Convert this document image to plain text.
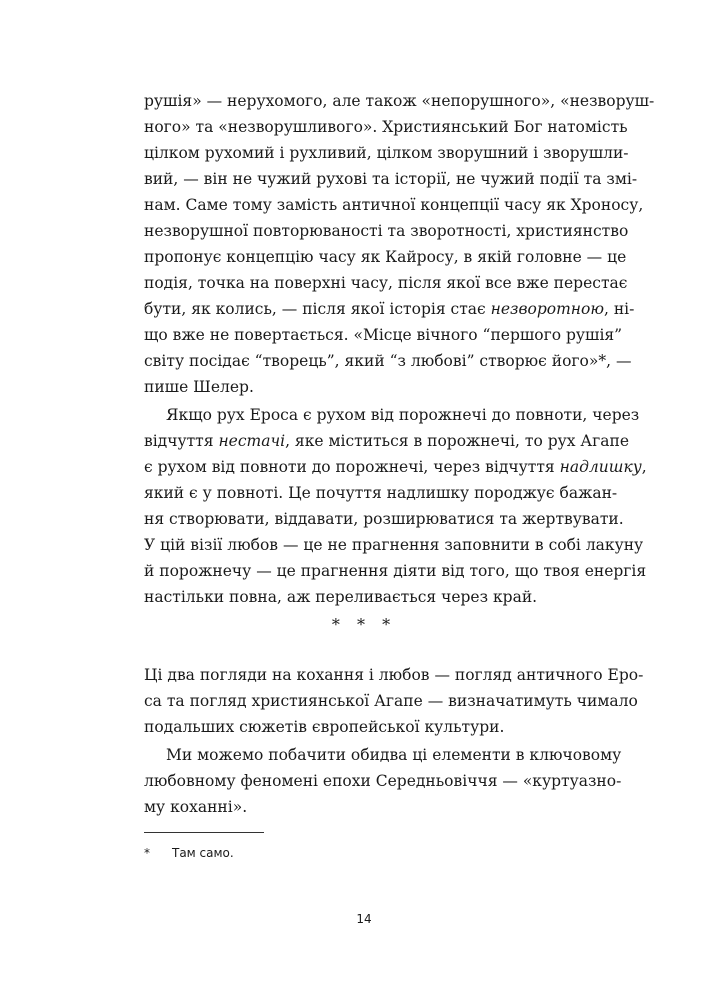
рушія» — нерухомого, але також «непорушного», «незворуш-
ного» та «незворушливого». Християнський Бог натомість
цілком рухомий і рухливий, цілком зворушний і зворушли-
вий, — він не чужий рухові та історії, не чужий події та змі-
нам. Саме тому замість античної концепції часу як Хроносу,
незворушної повторюваності та зворотності, християнство
пропонує концепцію часу як Кайросу, в якій головне — це
подія, точка на поверхні часу, після якої все вже перестає
бути, як колись, — після якої історія стає незворотною, ні-
що вже не повертається. «Місце вічного “першого рушія”
світу посідає “творець”, який “з любові” створює його»*, —
пише Шелер.
Якщо рух Ероса є рухом від порожнечі до повноти, через
відчуття нестачі, яке міститься в порожнечі, то рух Агапе
є рухом від повноти до порожнечі, через відчуття надлишку,
який є у повноті. Це почуття надлишку породжує бажан-
ня створювати, віддавати, розширюватися та жертвувати.
У цій візії любов — це не прагнення заповнити в собі лакуну
й порожнечу — це прагнення діяти від того, що твоя енергія
настільки повна, аж переливається через край.
* * *
Ці два погляди на кохання і любов — погляд античного Еро-
са та погляд християнської Агапе — визначатимуть чимало
подальших сюжетів європейської культури.
Ми можемо побачити обидва ці елементи в ключовому
любовному феномені епохи Середньовіччя — «куртуазно-
му коханні».
* Там само.
14
